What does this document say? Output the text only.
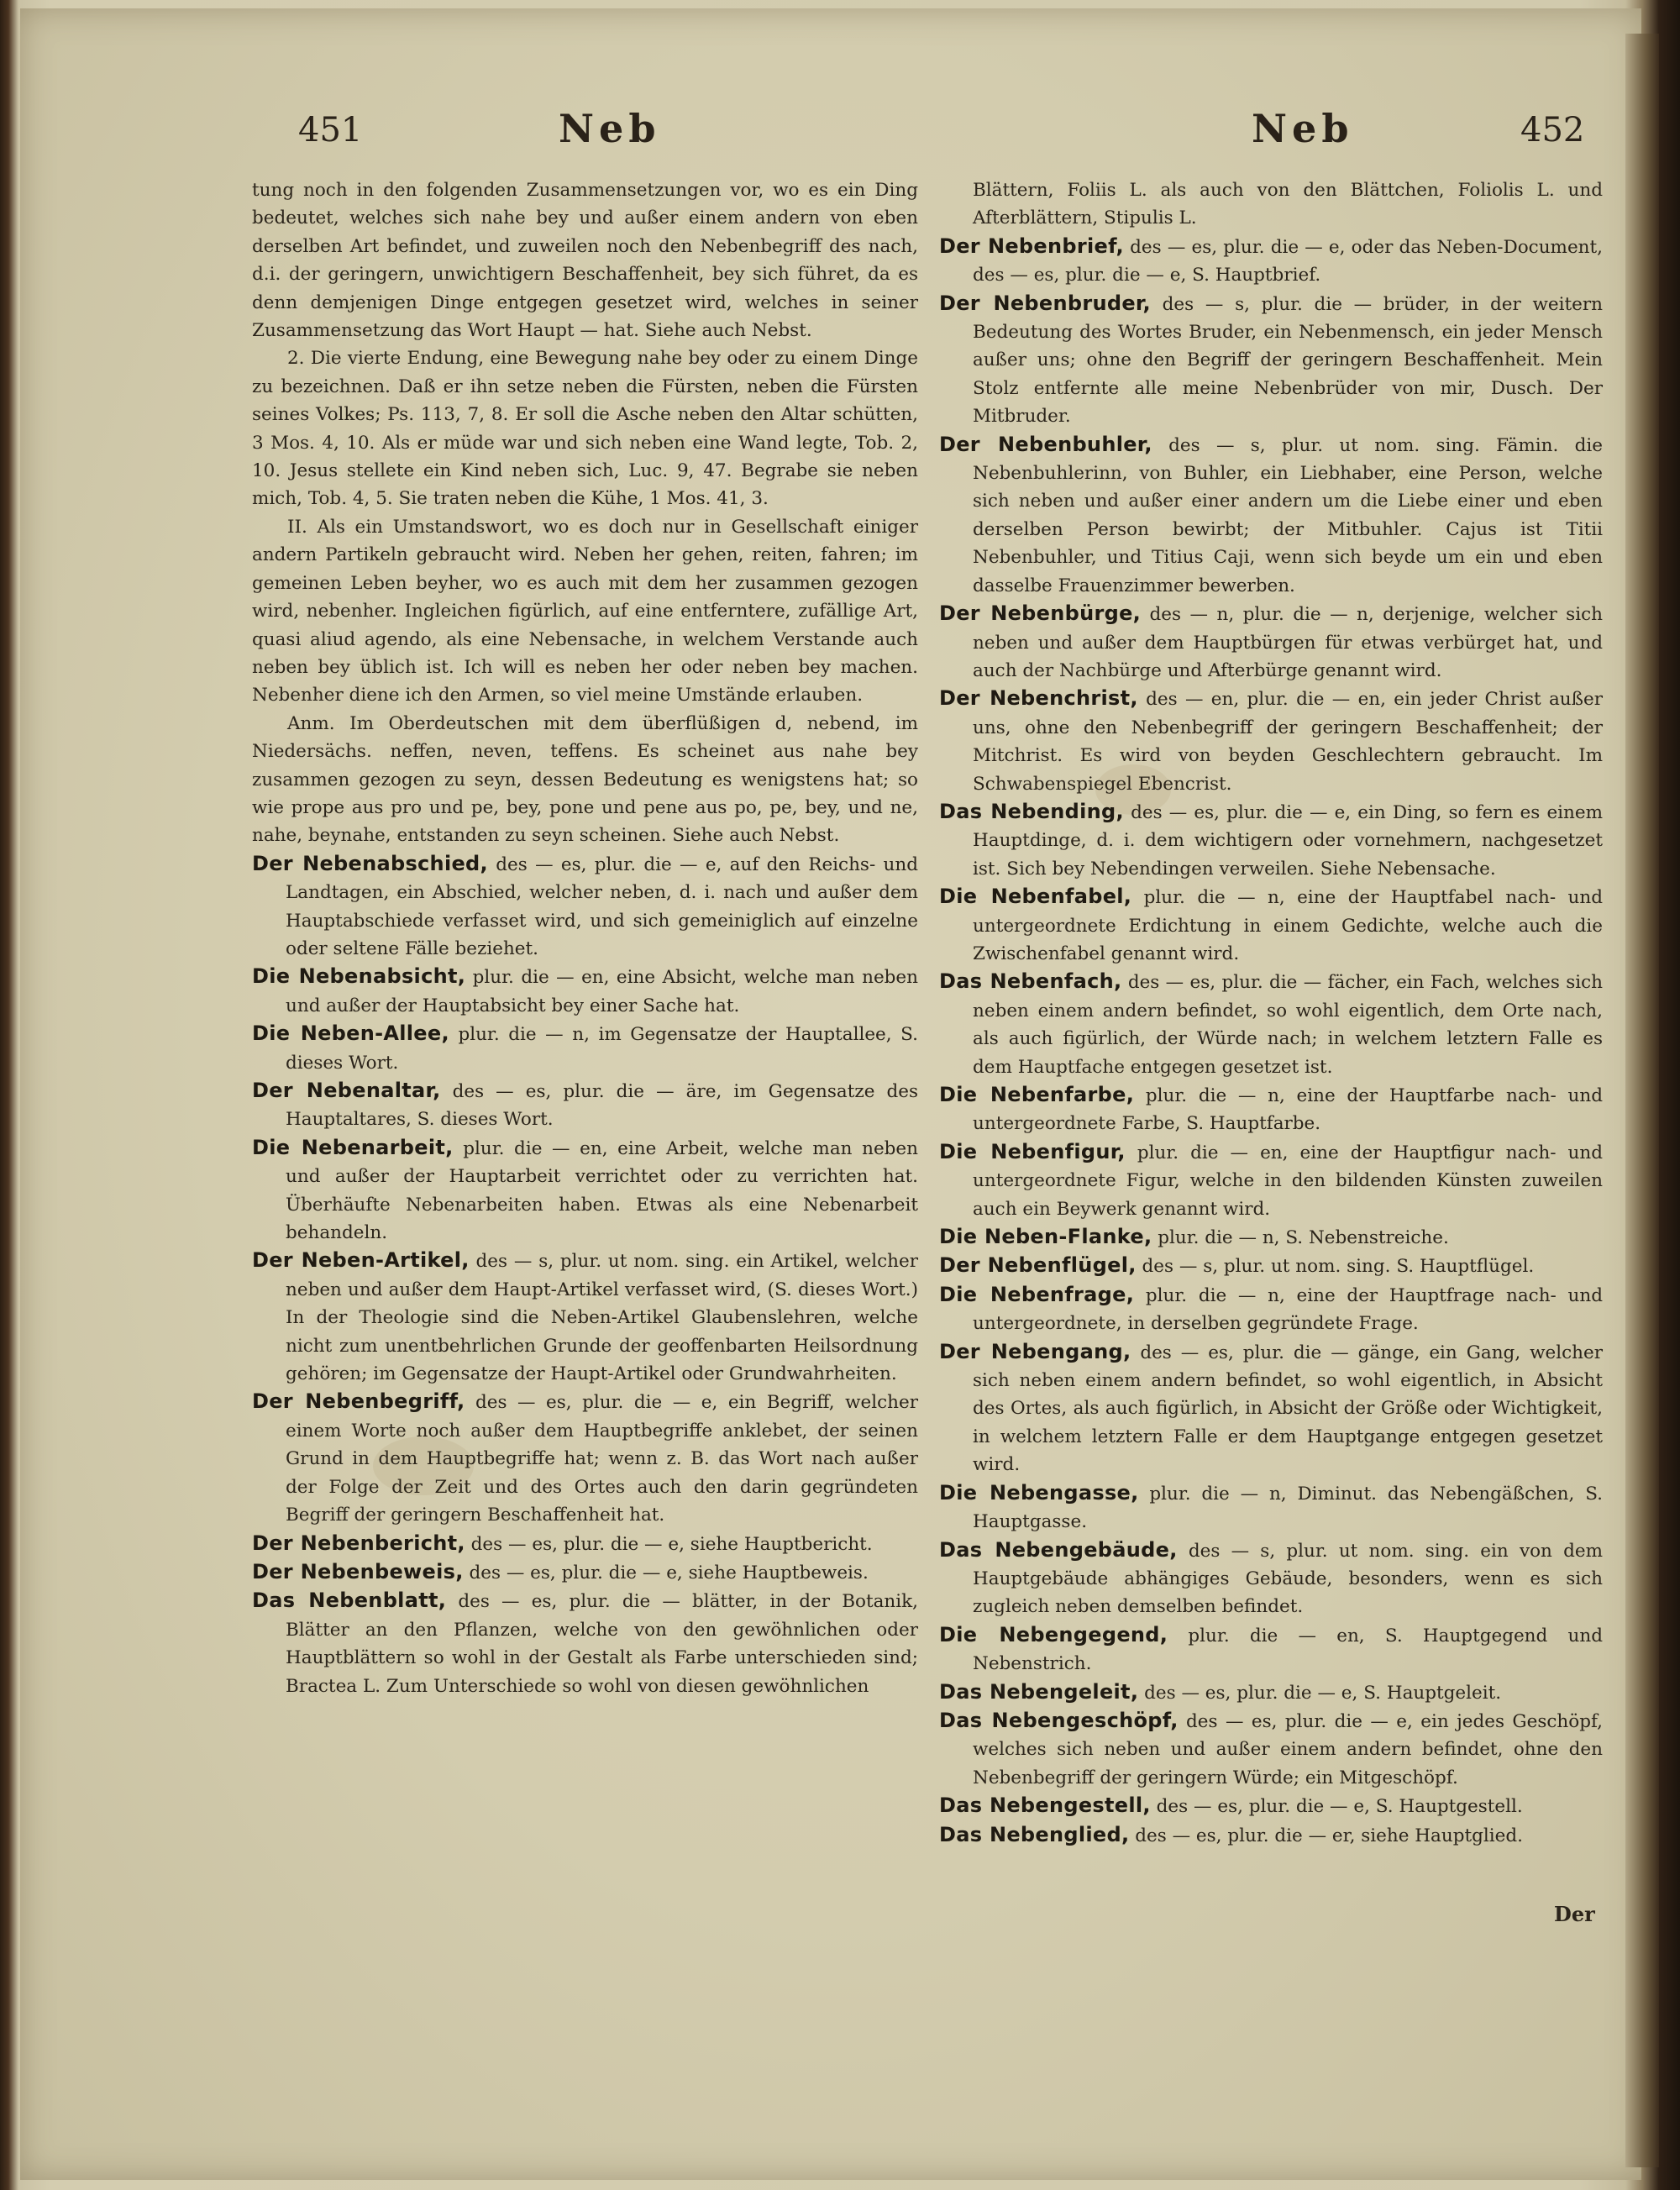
451	Neb	Neb	452

tung noch in den folgenden Zusammensetzungen vor, wo es ein Ding bedeutet, welches sich nahe bey und außer einem andern von eben derselben Art befindet, und zuweilen noch den Nebenbegriff des nach, d.i. der geringern, unwichtigern Beschaffenheit, bey sich führet, da es denn demjenigen Dinge entgegen gesetzet wird, welches in seiner Zusammensetzung das Wort Haupt — hat. Siehe auch Nebst.

2. Die vierte Endung, eine Bewegung nahe bey oder zu einem Dinge zu bezeichnen. Daß er ihn setze neben die Fürsten, neben die Fürsten seines Volkes; Ps. 113, 7, 8. Er soll die Asche neben den Altar schütten, 3 Mos. 4, 10. Als er müde war und sich neben eine Wand legte, Tob. 2, 10. Jesus stellete ein Kind neben sich, Luc. 9, 47. Begrabe sie neben mich, Tob. 4, 5. Sie traten neben die Kühe, 1 Mos. 41, 3.

II. Als ein Umstandswort, wo es doch nur in Gesellschaft einiger andern Partikeln gebraucht wird. Neben her gehen, reiten, fahren; im gemeinen Leben beyher, wo es auch mit dem her zusammen gezogen wird, nebenher. Ingleichen figürlich, auf eine entferntere, zufällige Art, quasi aliud agendo, als eine Nebensache, in welchem Verstande auch neben bey üblich ist. Ich will es neben her oder neben bey machen. Nebenher diene ich den Armen, so viel meine Umstände erlauben.

Anm. Im Oberdeutschen mit dem überflüßigen d, nebend, im Niedersächs. neffen, neven, teffens. Es scheinet aus nahe bey zusammen gezogen zu seyn, dessen Bedeutung es wenigstens hat; so wie prope aus pro und pe, bey, pone und pene aus po, pe, bey, und ne, nahe, beynahe, entstanden zu seyn scheinen. Siehe auch Nebst.

Der Nebenabschied, des — es, plur. die — e, auf den Reichs- und Landtagen, ein Abschied, welcher neben, d. i. nach und außer dem Hauptabschiede verfasset wird, und sich gemeiniglich auf einzelne oder seltene Fälle beziehet.

Die Nebenabsicht, plur. die — en, eine Absicht, welche man neben und außer der Hauptabsicht bey einer Sache hat.

Die Neben-Allee, plur. die — n, im Gegensatze der Hauptallee, S. dieses Wort.

Der Nebenaltar, des — es, plur. die — äre, im Gegensatze des Hauptaltares, S. dieses Wort.

Die Nebenarbeit, plur. die — en, eine Arbeit, welche man neben und außer der Hauptarbeit verrichtet oder zu verrichten hat. Überhäufte Nebenarbeiten haben. Etwas als eine Nebenarbeit behandeln.

Der Neben-Artikel, des — s, plur. ut nom. sing. ein Artikel, welcher neben und außer dem Haupt-Artikel verfasset wird, (S. dieses Wort.) In der Theologie sind die Neben-Artikel Glaubenslehren, welche nicht zum unentbehrlichen Grunde der geoffenbarten Heilsordnung gehören; im Gegensatze der Haupt-Artikel oder Grundwahrheiten.

Der Nebenbegriff, des — es, plur. die — e, ein Begriff, welcher einem Worte noch außer dem Hauptbegriffe anklebet, der seinen Grund in dem Hauptbegriffe hat; wenn z. B. das Wort nach außer der Folge der Zeit und des Ortes auch den darin gegründeten Begriff der geringern Beschaffenheit hat.

Der Nebenbericht, des — es, plur. die — e, siehe Hauptbericht.

Der Nebenbeweis, des — es, plur. die — e, siehe Hauptbeweis.

Das Nebenblatt, des — es, plur. die — blätter, in der Botanik, Blätter an den Pflanzen, welche von den gewöhnlichen oder Hauptblättern so wohl in der Gestalt als Farbe unterschieden sind; Bractea L. Zum Unterschiede so wohl von diesen gewöhnlichen

Blättern, Foliis L. als auch von den Blättchen, Foliolis L. und Afterblättern, Stipulis L.

Der Nebenbrief, des — es, plur. die — e, oder das Neben-Document, des — es, plur. die — e, S. Hauptbrief.

Der Nebenbruder, des — s, plur. die — brüder, in der weitern Bedeutung des Wortes Bruder, ein Nebenmensch, ein jeder Mensch außer uns; ohne den Begriff der geringern Beschaffenheit. Mein Stolz entfernte alle meine Nebenbrüder von mir, Dusch. Der Mitbruder.

Der Nebenbuhler, des — s, plur. ut nom. sing. Fämin. die Nebenbuhlerinn, von Buhler, ein Liebhaber, eine Person, welche sich neben und außer einer andern um die Liebe einer und eben derselben Person bewirbt; der Mitbuhler. Cajus ist Titii Nebenbuhler, und Titius Caji, wenn sich beyde um ein und eben dasselbe Frauenzimmer bewerben.

Der Nebenbürge, des — n, plur. die — n, derjenige, welcher sich neben und außer dem Hauptbürgen für etwas verbürget hat, und auch der Nachbürge und Afterbürge genannt wird.

Der Nebenchrist, des — en, plur. die — en, ein jeder Christ außer uns, ohne den Nebenbegriff der geringern Beschaffenheit; der Mitchrist. Es wird von beyden Geschlechtern gebraucht. Im Schwabenspiegel Ebencrist.

Das Nebending, des — es, plur. die — e, ein Ding, so fern es einem Hauptdinge, d. i. dem wichtigern oder vornehmern, nachgesetzet ist. Sich bey Nebendingen verweilen. Siehe Nebensache.

Die Nebenfabel, plur. die — n, eine der Hauptfabel nach- und untergeordnete Erdichtung in einem Gedichte, welche auch die Zwischenfabel genannt wird.

Das Nebenfach, des — es, plur. die — fächer, ein Fach, welches sich neben einem andern befindet, so wohl eigentlich, dem Orte nach, als auch figürlich, der Würde nach; in welchem letztern Falle es dem Hauptfache entgegen gesetzet ist.

Die Nebenfarbe, plur. die — n, eine der Hauptfarbe nach- und untergeordnete Farbe, S. Hauptfarbe.

Die Nebenfigur, plur. die — en, eine der Hauptfigur nach- und untergeordnete Figur, welche in den bildenden Künsten zuweilen auch ein Beywerk genannt wird.

Die Neben-Flanke, plur. die — n, S. Nebenstreiche.

Der Nebenflügel, des — s, plur. ut nom. sing. S. Hauptflügel.

Die Nebenfrage, plur. die — n, eine der Hauptfrage nach- und untergeordnete, in derselben gegründete Frage.

Der Nebengang, des — es, plur. die — gänge, ein Gang, welcher sich neben einem andern befindet, so wohl eigentlich, in Absicht des Ortes, als auch figürlich, in Absicht der Größe oder Wichtigkeit, in welchem letztern Falle er dem Hauptgange entgegen gesetzet wird.

Die Nebengasse, plur. die — n, Diminut. das Nebengäßchen, S. Hauptgasse.

Das Nebengebäude, des — s, plur. ut nom. sing. ein von dem Hauptgebäude abhängiges Gebäude, besonders, wenn es sich zugleich neben demselben befindet.

Die Nebengegend, plur. die — en, S. Hauptgegend und Nebenstrich.

Das Nebengeleit, des — es, plur. die — e, S. Hauptgeleit.

Das Nebengeschöpf, des — es, plur. die — e, ein jedes Geschöpf, welches sich neben und außer einem andern befindet, ohne den Nebenbegriff der geringern Würde; ein Mitgeschöpf.

Das Nebengestell, des — es, plur. die — e, S. Hauptgestell.

Das Nebenglied, des — es, plur. die — er, siehe Hauptglied.

Der
